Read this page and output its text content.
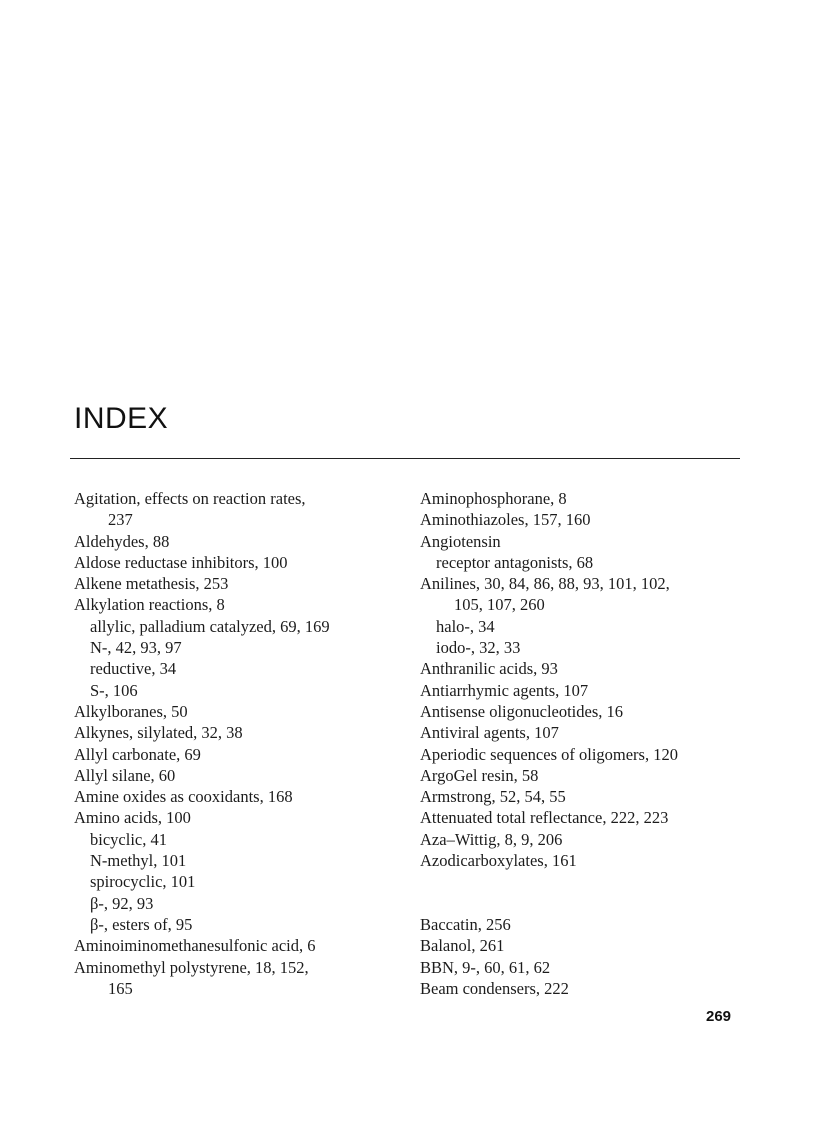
INDEX
Agitation, effects on reaction rates,
237
Aldehydes, 88
Aldose reductase inhibitors, 100
Alkene metathesis, 253
Alkylation reactions, 8
allylic, palladium catalyzed, 69, 169
N-, 42, 93, 97
reductive, 34
S-, 106
Alkylboranes, 50
Alkynes, silylated, 32, 38
Allyl carbonate, 69
Allyl silane, 60
Amine oxides as cooxidants, 168
Amino acids, 100
bicyclic, 41
N-methyl, 101
spirocyclic, 101
β-, 92, 93
β-, esters of, 95
Aminoiminomethanesulfonic acid, 6
Aminomethyl polystyrene, 18, 152,
165
Aminophosphorane, 8
Aminothiazoles, 157, 160
Angiotensin
receptor antagonists, 68
Anilines, 30, 84, 86, 88, 93, 101, 102,
105, 107, 260
halo-, 34
iodo-, 32, 33
Anthranilic acids, 93
Antiarrhymic agents, 107
Antisense oligonucleotides, 16
Antiviral agents, 107
Aperiodic sequences of oligomers, 120
ArgoGel resin, 58
Armstrong, 52, 54, 55
Attenuated total reflectance, 222, 223
Aza–Wittig, 8, 9, 206
Azodicarboxylates, 161
Baccatin, 256
Balanol, 261
BBN, 9-, 60, 61, 62
Beam condensers, 222
269
